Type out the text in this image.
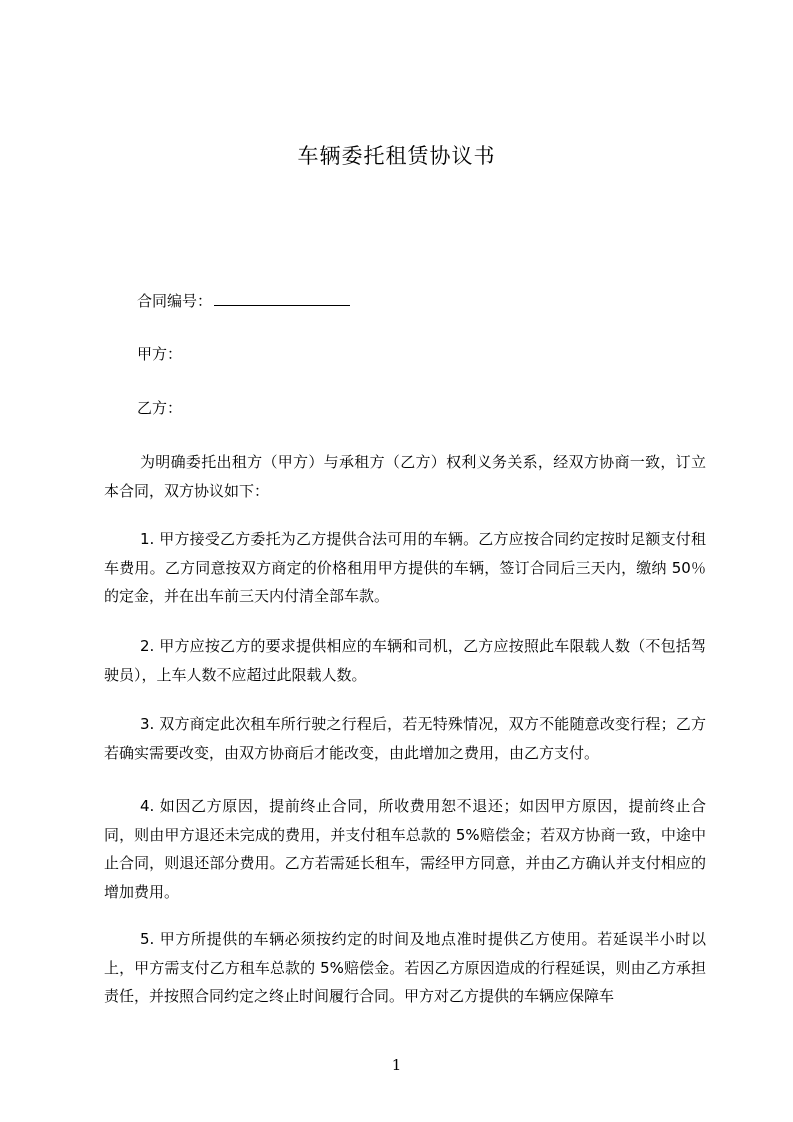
车辆委托租赁协议书
合同编号：
甲方：
乙方：

为明确委托出租方（甲方）与承租方（乙方）权利义务关系，经双方协商一致，订立本合同，双方协议如下：

1. 甲方接受乙方委托为乙方提供合法可用的车辆。乙方应按合同约定按时足额支付租车费用。乙方同意按双方商定的价格租用甲方提供的车辆，签订合同后三天内，缴纳 50％的定金，并在出车前三天内付清全部车款。

2. 甲方应按乙方的要求提供相应的车辆和司机，乙方应按照此车限载人数（不包括驾驶员），上车人数不应超过此限载人数。

3. 双方商定此次租车所行驶之行程后，若无特殊情况，双方不能随意改变行程；乙方若确实需要改变，由双方协商后才能改变，由此增加之费用，由乙方支付。

4. 如因乙方原因，提前终止合同，所收费用恕不退还；如因甲方原因，提前终止合同，则由甲方退还未完成的费用，并支付租车总款的 5%赔偿金；若双方协商一致，中途中止合同，则退还部分费用。乙方若需延长租车，需经甲方同意，并由乙方确认并支付相应的增加费用。

5. 甲方所提供的车辆必须按约定的时间及地点准时提供乙方使用。若延误半小时以上，甲方需支付乙方租车总款的 5%赔偿金。若因乙方原因造成的行程延误，则由乙方承担责任，并按照合同约定之终止时间履行合同。甲方对乙方提供的车辆应保障车

1
